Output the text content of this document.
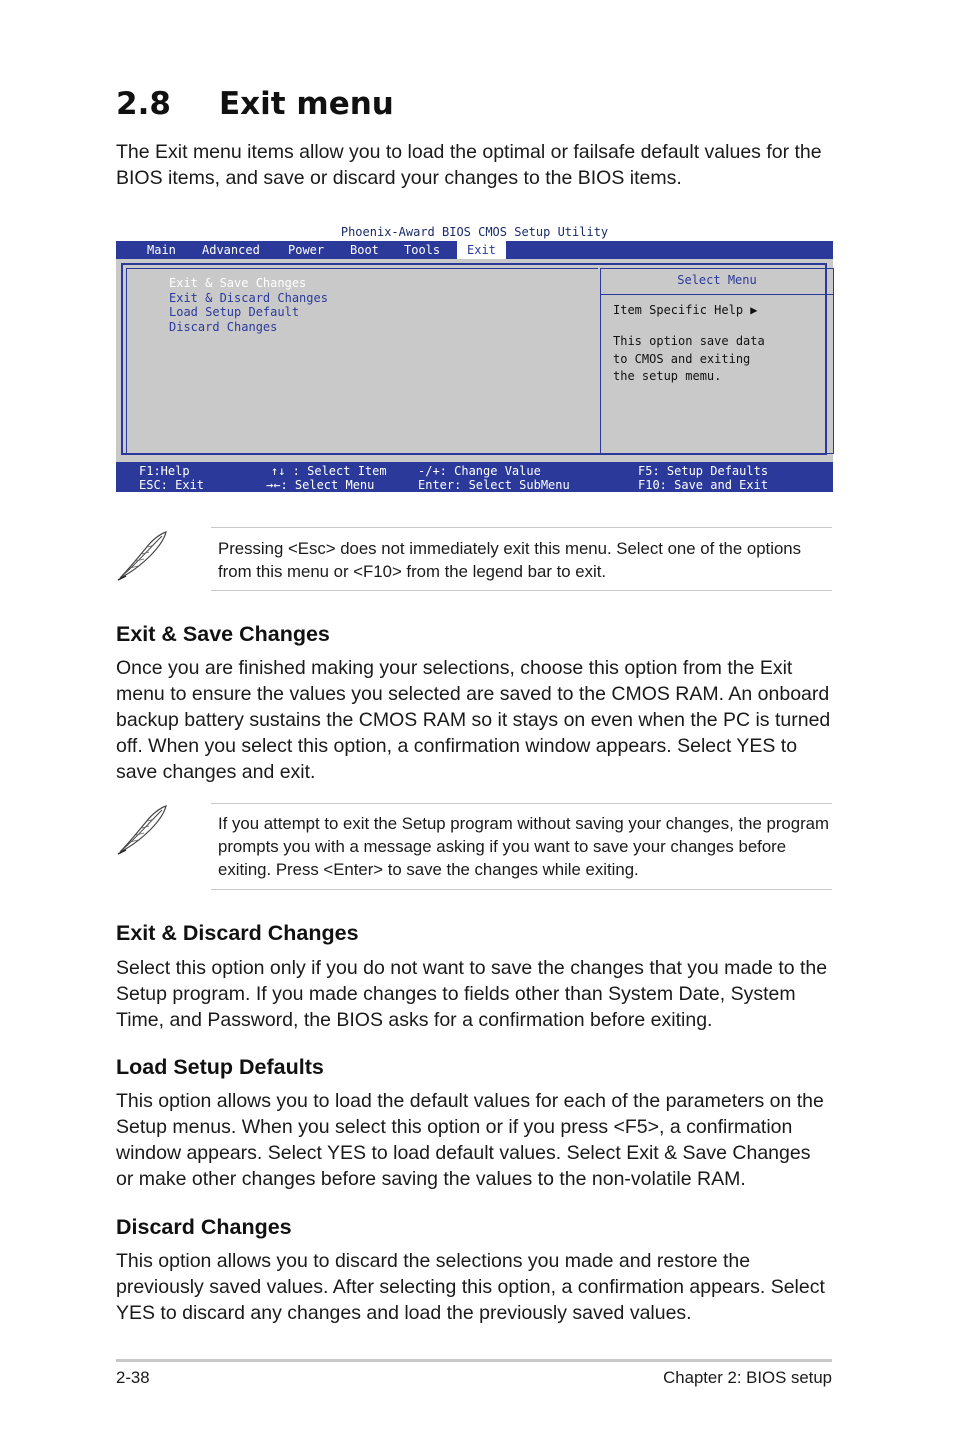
2.8 Exit menu
The Exit menu items allow you to load the optimal or failsafe default values for the BIOS items, and save or discard your changes to the BIOS items.
Phoenix-Award BIOS CMOS Setup Utility
Main Advanced Power Boot Tools	Exit
Exit & Save Changes
Exit & Discard Changes
Load Setup Default
Discard Changes
Select Menu
Item Specific Help ▶
This option save data
to CMOS and exiting
the setup memu.
F1:Help
ESC: Exit
↑↓ : Select Item
→←: Select Menu
-/+: Change Value
Enter: Select SubMenu
F5: Setup Defaults
F10: Save and Exit
Pressing <Esc> does not immediately exit this menu. Select one of the options from this menu or <F10> from the legend bar to exit.
Exit & Save Changes
Once you are finished making your selections, choose this option from the Exit menu to ensure the values you selected are saved to the CMOS RAM. An onboard backup battery sustains the CMOS RAM so it stays on even when the PC is turned off. When you select this option, a confirmation window appears. Select YES to save changes and exit.
If you attempt to exit the Setup program without saving your changes, the program prompts you with a message asking if you want to save your changes before exiting. Press <Enter> to save the changes while exiting.
Exit & Discard Changes
Select this option only if you do not want to save the changes that you made to the Setup program. If you made changes to fields other than System Date, System Time, and Password, the BIOS asks for a confirmation before exiting.
Load Setup Defaults
This option allows you to load the default values for each of the parameters on the Setup menus. When you select this option or if you press <F5>, a confirmation window appears. Select YES to load default values. Select Exit & Save Changes or make other changes before saving the values to the non-volatile RAM.
Discard Changes
This option allows you to discard the selections you made and restore the previously saved values. After selecting this option, a confirmation appears. Select YES to discard any changes and load the previously saved values.
2-38	Chapter 2: BIOS setup
